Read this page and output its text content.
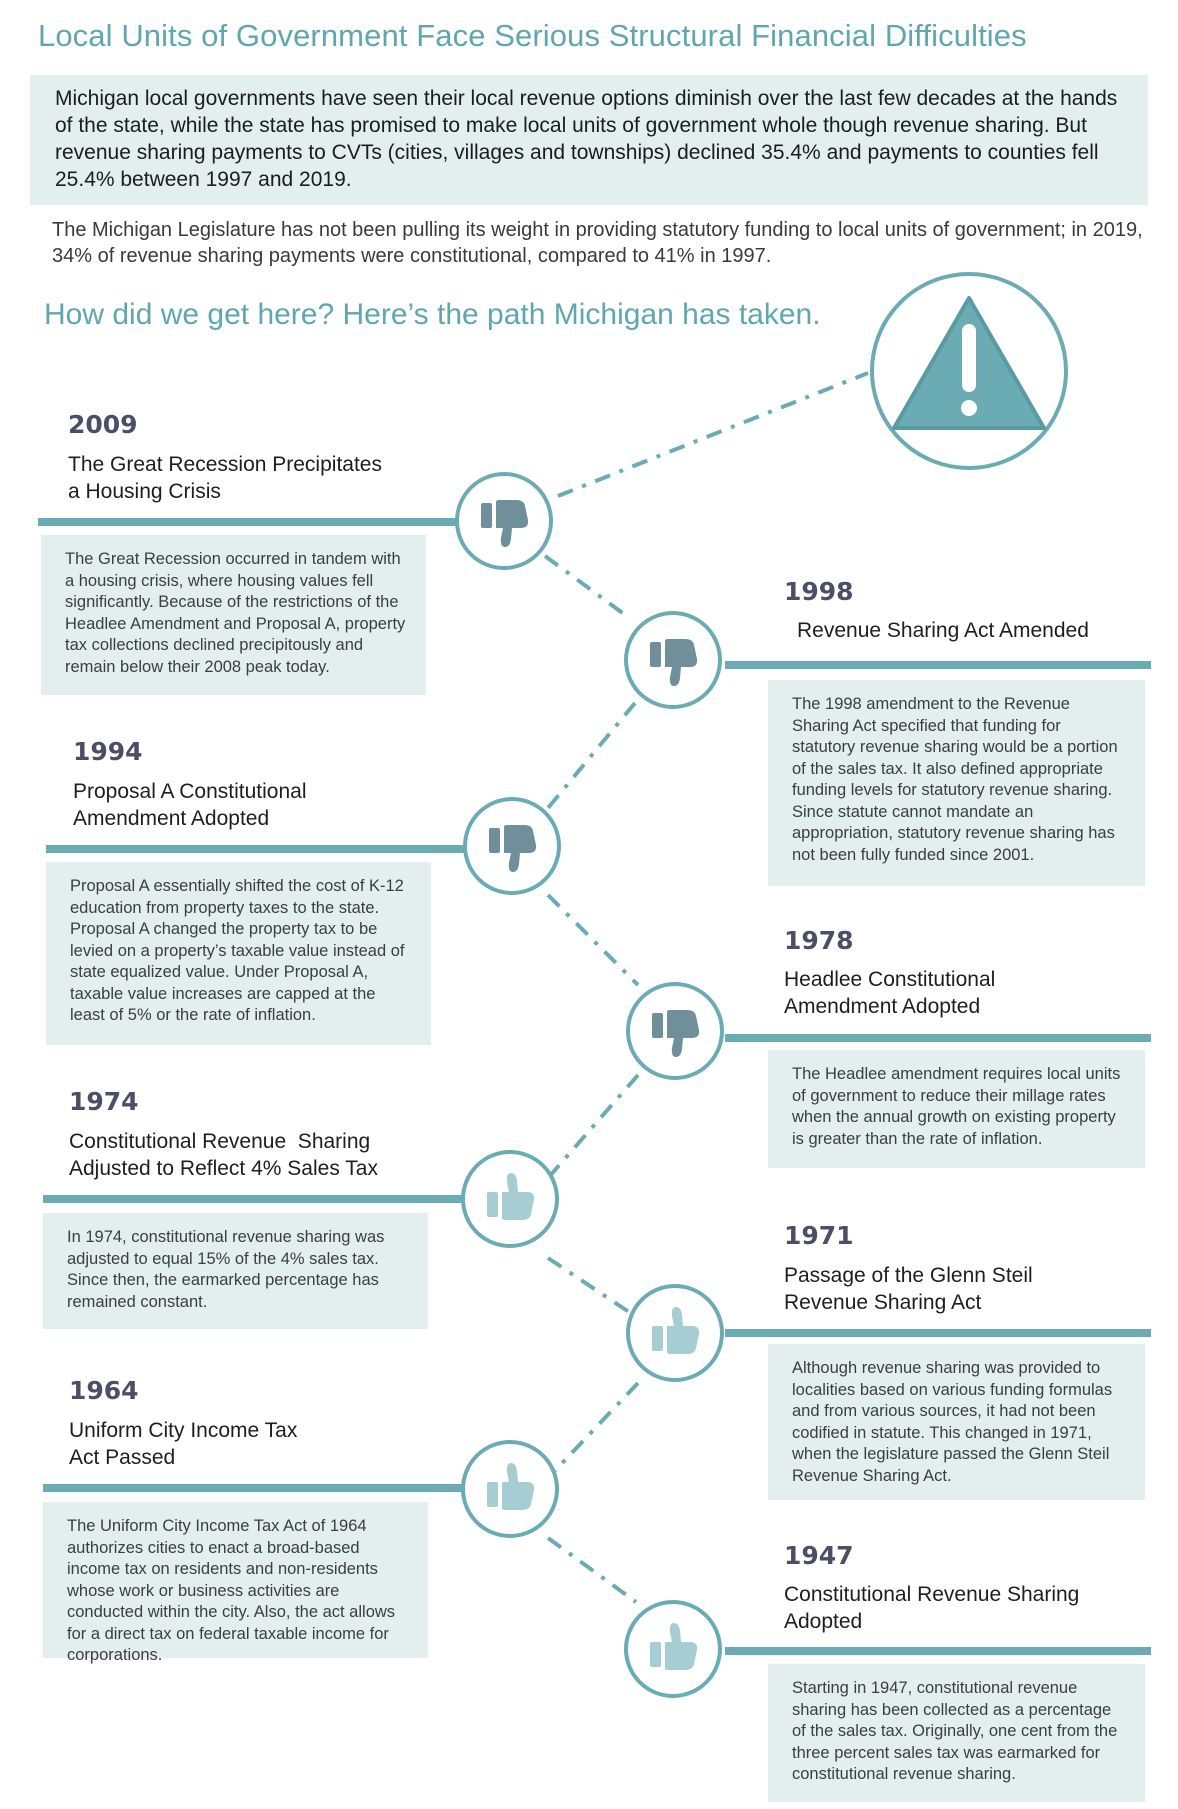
Local Units of Government Face Serious Structural Financial Difficulties
Michigan local governments have seen their local revenue options diminish over the last few decades at the hands of the state, while the state has promised to make local units of government whole though revenue sharing. But revenue sharing payments to CVTs (cities, villages and townships) declined 35.4% and payments to counties fell 25.4% between 1997 and 2019.
The Michigan Legislature has not been pulling its weight in providing statutory funding to local units of government; in 2019, 34% of revenue sharing payments were constitutional, compared to 41% in 1997.
How did we get here? Here’s the path Michigan has taken.
2009
The Great Recession Precipitates
a Housing Crisis
The Great Recession occurred in tandem with a housing crisis, where housing values fell significantly. Because of the restrictions of the Headlee Amendment and Proposal A, property tax collections declined precipitously and remain below their 2008 peak today.
1998
Revenue Sharing Act Amended
The 1998 amendment to the Revenue Sharing Act specified that funding for statutory revenue sharing would be a portion of the sales tax. It also defined appropriate funding levels for statutory revenue sharing. Since statute cannot mandate an appropriation, statutory revenue sharing has not been fully funded since 2001.
1994
Proposal A Constitutional
Amendment Adopted
Proposal A essentially shifted the cost of K-12 education from property taxes to the state. Proposal A changed the property tax to be levied on a property’s taxable value instead of state equalized value. Under Proposal A, taxable value increases are capped at the least of 5% or the rate of inflation.
1978
Headlee Constitutional
Amendment Adopted
The Headlee amendment requires local units of government to reduce their millage rates when the annual growth on existing property is greater than the rate of inflation.
1974
Constitutional Revenue  Sharing
Adjusted to Reflect 4% Sales Tax
In 1974, constitutional revenue sharing was adjusted to equal 15% of the 4% sales tax. Since then, the earmarked percentage has remained constant.
1971
Passage of the Glenn Steil
Revenue Sharing Act
Although revenue sharing was provided to localities based on various funding formulas and from various sources, it had not been codified in statute. This changed in 1971, when the legislature passed the Glenn Steil Revenue Sharing Act.
1964
Uniform City Income Tax
Act Passed
The Uniform City Income Tax Act of 1964 authorizes cities to enact a broad-based income tax on residents and non-residents whose work or business activities are conducted within the city. Also, the act allows for a direct tax on federal taxable income for corporations.
1947
Constitutional Revenue Sharing
Adopted
Starting in 1947, constitutional revenue sharing has been collected as a percentage of the sales tax. Originally, one cent from the three percent sales tax was earmarked for constitutional revenue sharing.
